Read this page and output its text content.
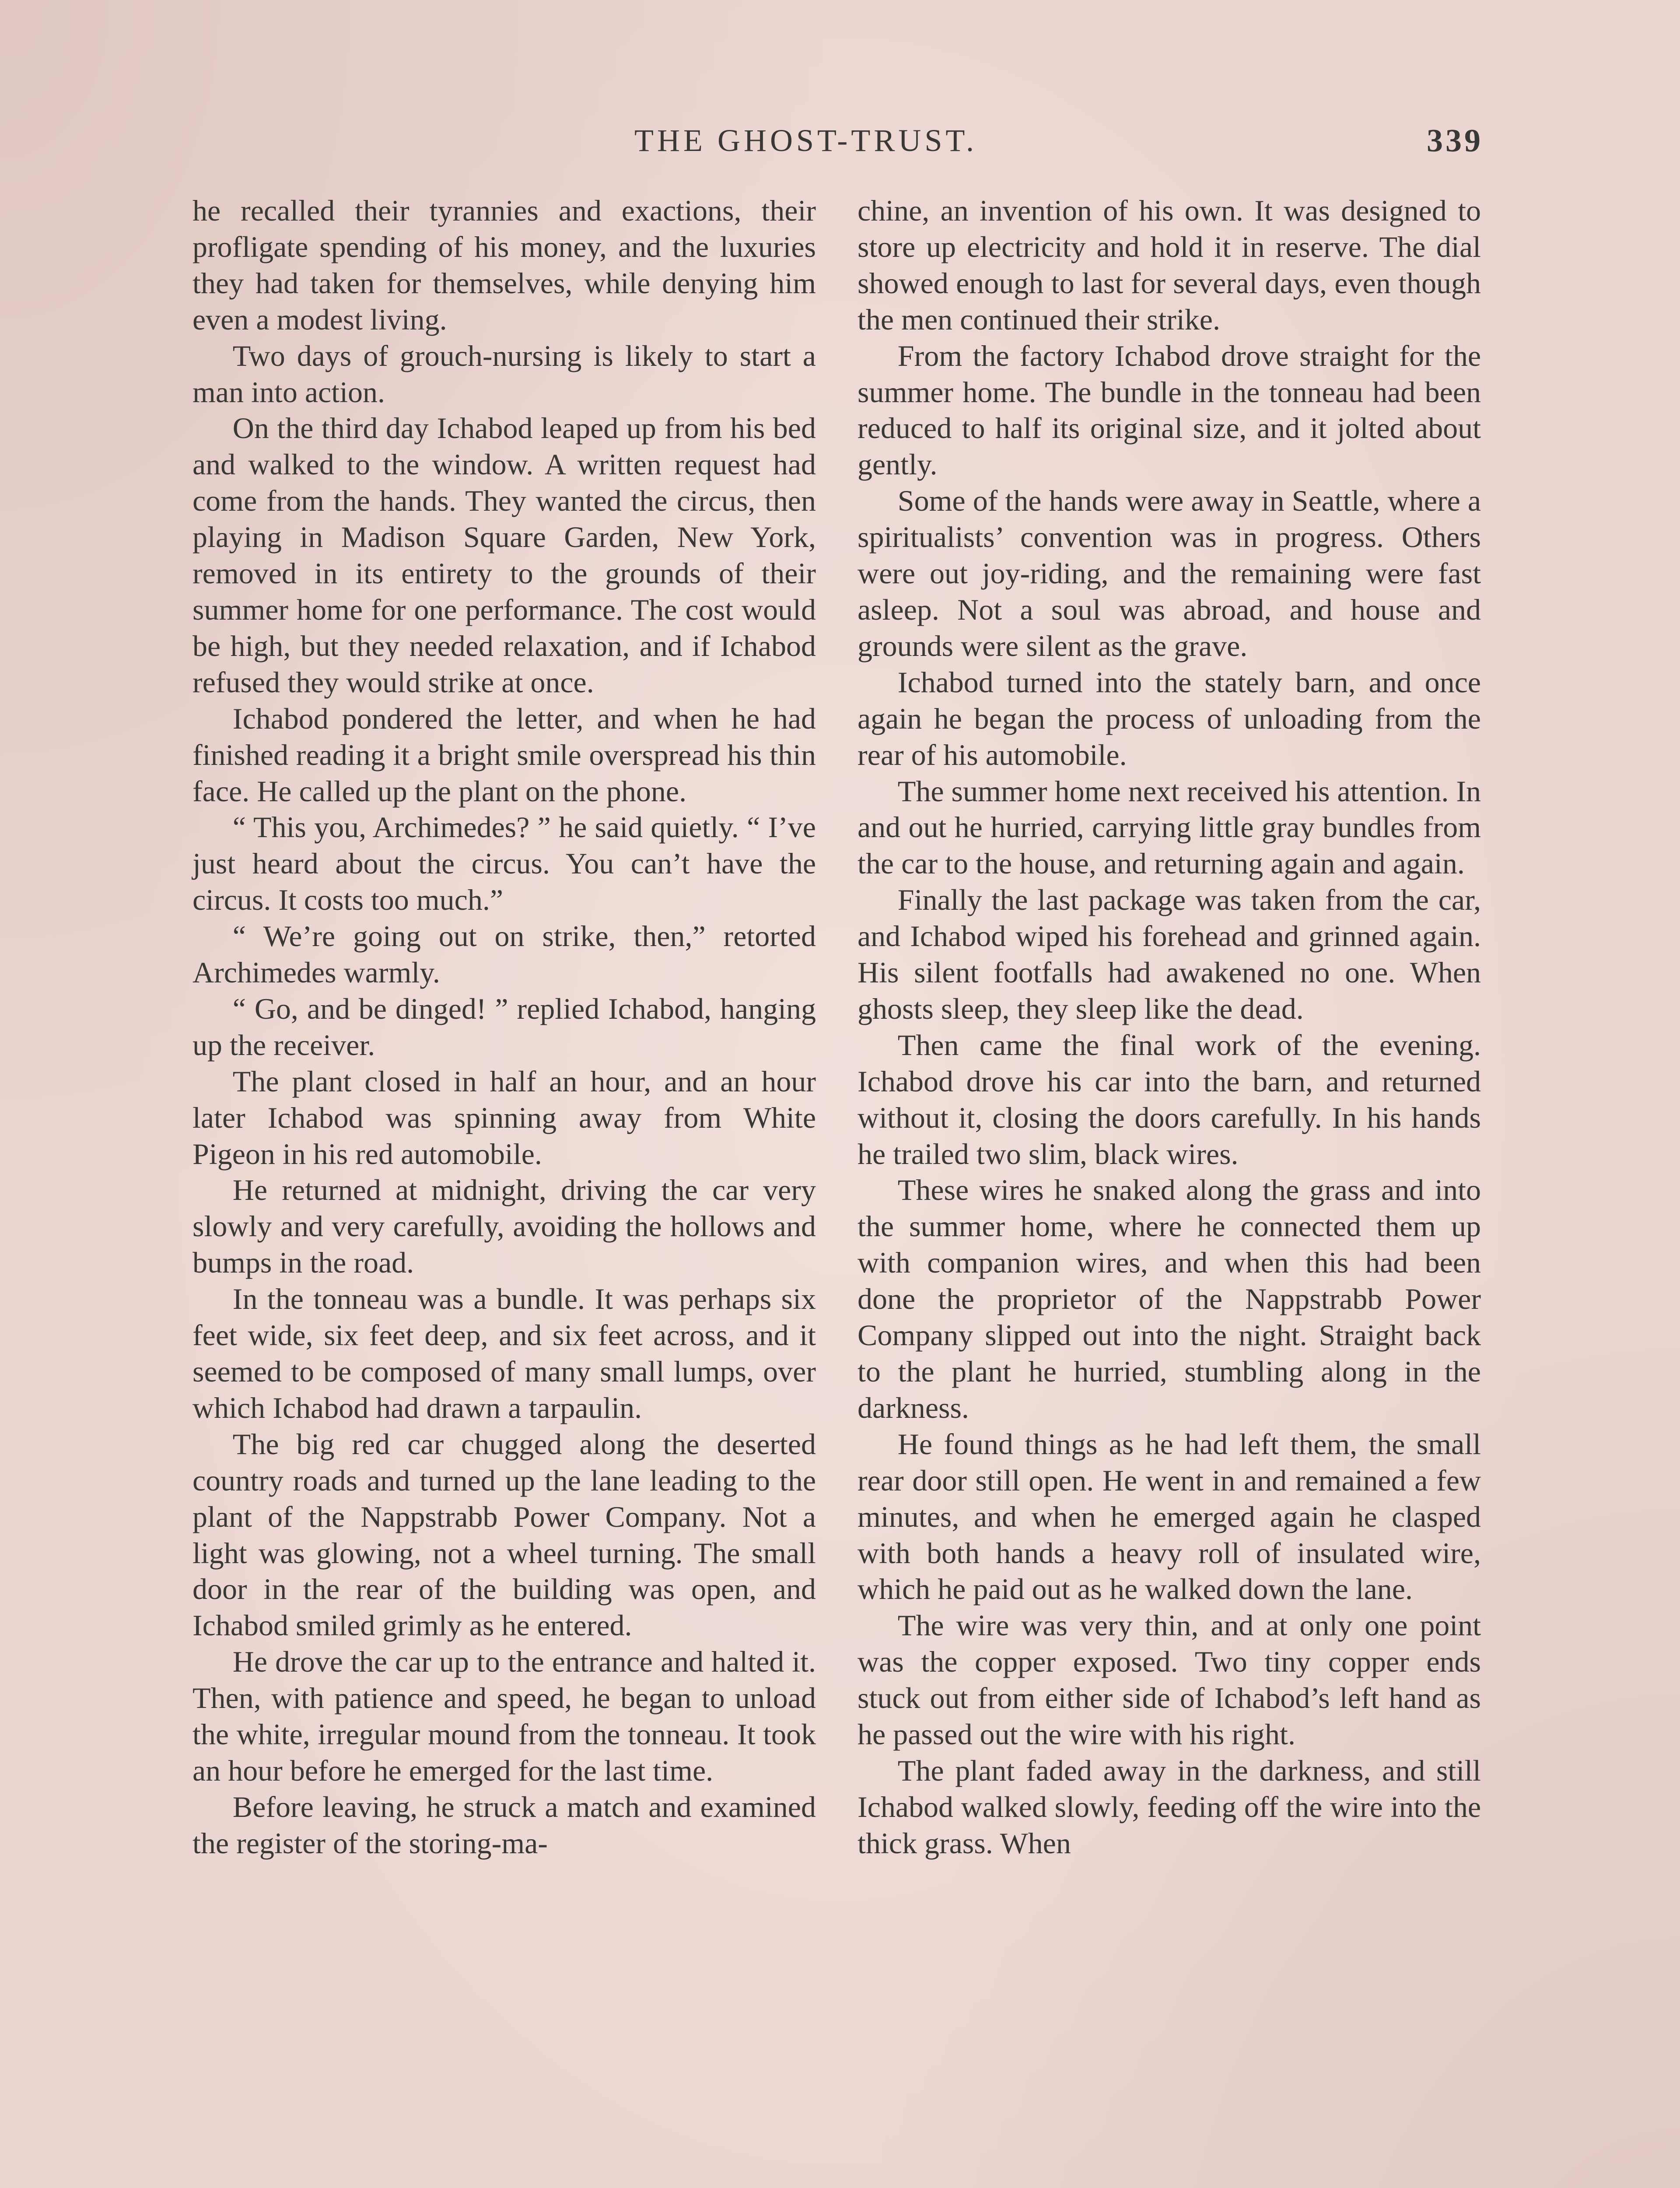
THE GHOST-TRUST.	339

he recalled their tyrannies and exactions, their profligate spending of his money, and the luxuries they had taken for themselves, while denying him even a modest living.

Two days of grouch-nursing is likely to start a man into action.

On the third day Ichabod leaped up from his bed and walked to the window. A written request had come from the hands. They wanted the circus, then playing in Madison Square Garden, New York, removed in its entirety to the grounds of their summer home for one performance. The cost would be high, but they needed relaxation, and if Ichabod refused they would strike at once.

Ichabod pondered the letter, and when he had finished reading it a bright smile overspread his thin face. He called up the plant on the phone.

“ This you, Archimedes? ” he said quietly. “ I’ve just heard about the circus. You can’t have the circus. It costs too much.”

“ We’re going out on strike, then,” retorted Archimedes warmly.

“ Go, and be dinged! ” replied Ichabod, hanging up the receiver.

The plant closed in half an hour, and an hour later Ichabod was spinning away from White Pigeon in his red automobile.

He returned at midnight, driving the car very slowly and very carefully, avoiding the hollows and bumps in the road.

In the tonneau was a bundle. It was perhaps six feet wide, six feet deep, and six feet across, and it seemed to be composed of many small lumps, over which Ichabod had drawn a tarpaulin.

The big red car chugged along the deserted country roads and turned up the lane leading to the plant of the Nappstrabb Power Company. Not a light was glowing, not a wheel turning. The small door in the rear of the building was open, and Ichabod smiled grimly as he entered.

He drove the car up to the entrance and halted it. Then, with patience and speed, he began to unload the white, irregular mound from the tonneau. It took an hour before he emerged for the last time.

Before leaving, he struck a match and examined the register of the storing-ma-

chine, an invention of his own. It was designed to store up electricity and hold it in reserve. The dial showed enough to last for several days, even though the men continued their strike.

From the factory Ichabod drove straight for the summer home. The bundle in the tonneau had been reduced to half its original size, and it jolted about gently.

Some of the hands were away in Seattle, where a spiritualists’ convention was in progress. Others were out joy-riding, and the remaining were fast asleep. Not a soul was abroad, and house and grounds were silent as the grave.

Ichabod turned into the stately barn, and once again he began the process of unloading from the rear of his automobile.

The summer home next received his attention. In and out he hurried, carrying little gray bundles from the car to the house, and returning again and again.

Finally the last package was taken from the car, and Ichabod wiped his forehead and grinned again. His silent footfalls had awakened no one. When ghosts sleep, they sleep like the dead.

Then came the final work of the evening. Ichabod drove his car into the barn, and returned without it, closing the doors carefully. In his hands he trailed two slim, black wires.

These wires he snaked along the grass and into the summer home, where he connected them up with companion wires, and when this had been done the proprietor of the Nappstrabb Power Company slipped out into the night. Straight back to the plant he hurried, stumbling along in the darkness.

He found things as he had left them, the small rear door still open. He went in and remained a few minutes, and when he emerged again he clasped with both hands a heavy roll of insulated wire, which he paid out as he walked down the lane.

The wire was very thin, and at only one point was the copper exposed. Two tiny copper ends stuck out from either side of Ichabod’s left hand as he passed out the wire with his right.

The plant faded away in the darkness, and still Ichabod walked slowly, feeding off the wire into the thick grass. When
